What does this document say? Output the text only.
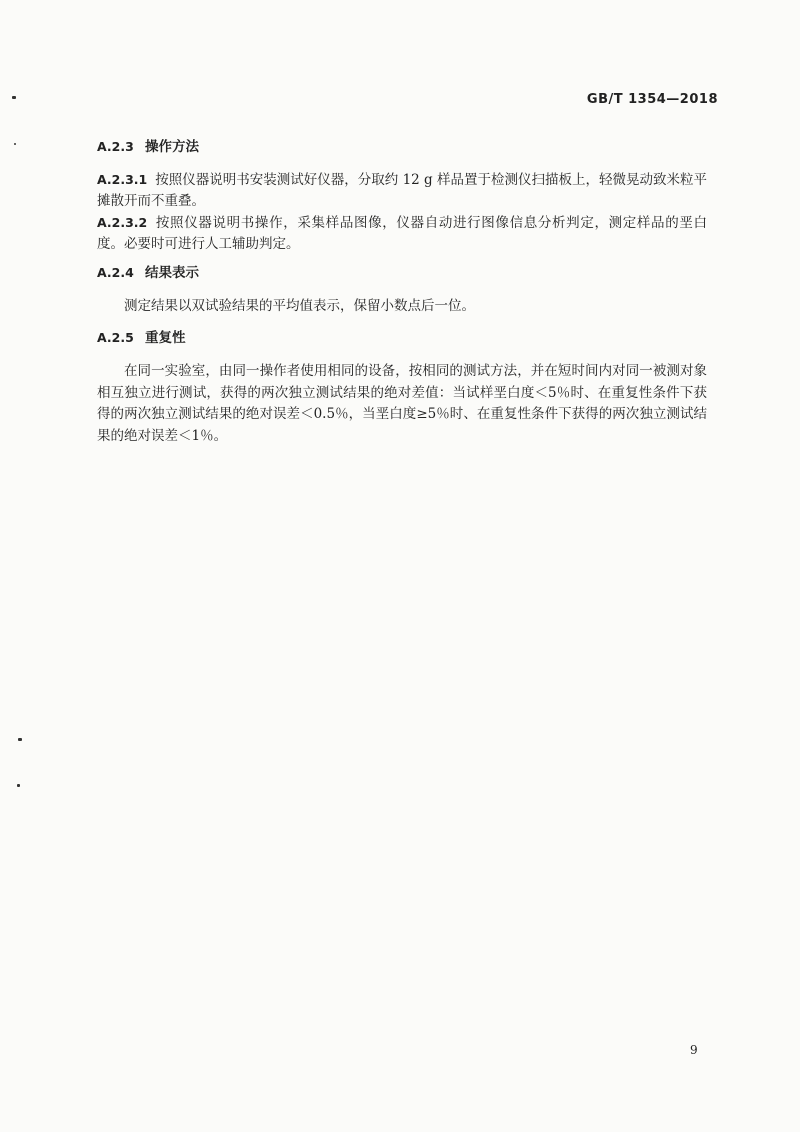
GB/T 1354—2018
A.2.3 操作方法
A.2.3.1 按照仪器说明书安装测试好仪器，分取约 12 g 样品置于检测仪扫描板上，轻微晃动致米粒平摊散开而不重叠。
A.2.3.2 按照仪器说明书操作，采集样品图像，仪器自动进行图像信息分析判定，测定样品的垩白度。必要时可进行人工辅助判定。
A.2.4 结果表示
测定结果以双试验结果的平均值表示，保留小数点后一位。
A.2.5 重复性
在同一实验室，由同一操作者使用相同的设备，按相同的测试方法，并在短时间内对同一被测对象相互独立进行测试，获得的两次独立测试结果的绝对差值：当试样垩白度＜5％时、在重复性条件下获得的两次独立测试结果的绝对误差＜0.5％，当垩白度≥5％时、在重复性条件下获得的两次独立测试结果的绝对误差＜1％。
9
